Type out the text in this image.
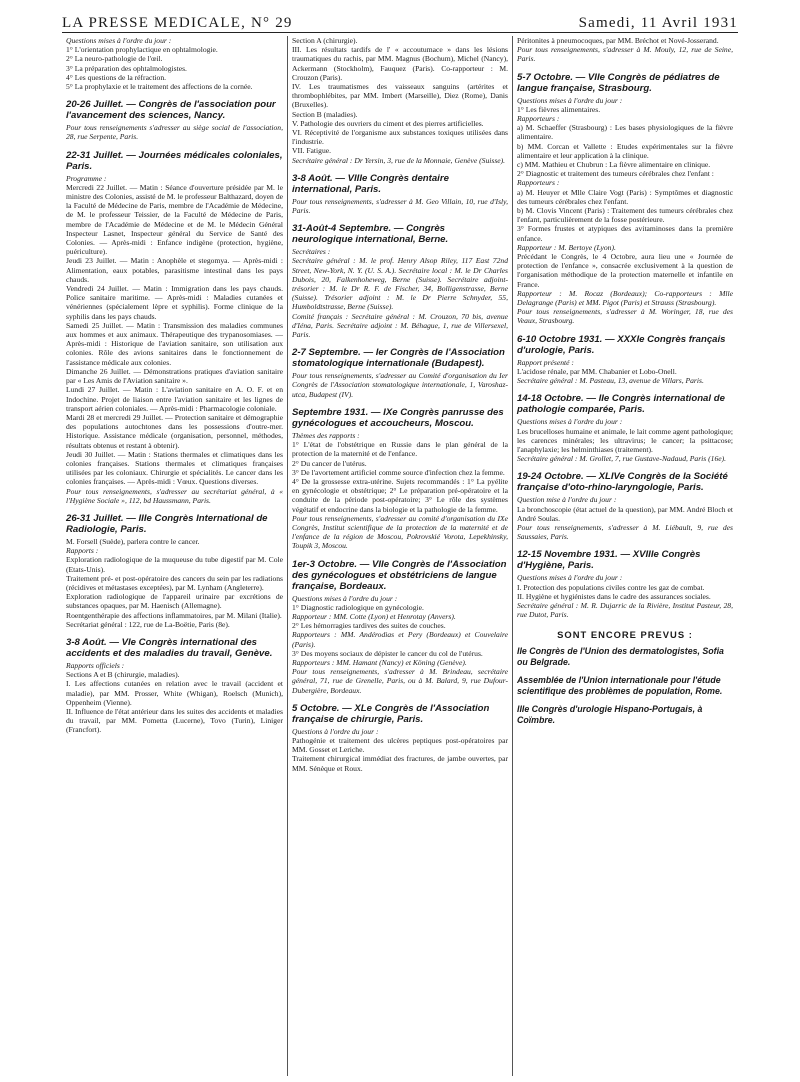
LA PRESSE MEDICALE, N° 29	Samedi, 11 Avril 1931

Questions mises à l'ordre du jour :

1° L'orientation prophylactique en ophtalmologie.

2° La neuro-pathologie de l'œil.

3° La préparation des ophtalmologistes.

4° Les questions de la réfraction.

5° La prophylaxie et le traitement des affections de la cornée.

20-26 Juillet. — Congrès de l'association pour l'avancement des sciences, Nancy.

Pour tous renseignements s'adresser au siège social de l'association, 28, rue Serpente, Paris.

22-31 Juillet. — Journées médicales coloniales, Paris.

Programme :

Mercredi 22 Juillet. — Matin : Séance d'ouverture présidée par M. le ministre des Colonies, assisté de M. le professeur Balthazard, doyen de la Faculté de Médecine de Paris, membre de l'Académie de Médecine, de M. le professeur Teissier, de la Faculté de Médecine de Paris, membre de l'Académie de Médecine et de M. le Médecin Général Inspecteur Lasnet, Inspecteur général du Service de Santé des Colonies. — Après-midi : Enfance indigène (protection, hygiène, puériculture).

Jeudi 23 Juillet. — Matin : Anophèle et stegomya. — Après-midi : Alimentation, eaux potables, parasitisme intestinal dans les pays chauds.

Vendredi 24 Juillet. — Matin : Immigration dans les pays chauds. Police sanitaire maritime. — Après-midi : Maladies cutanées et vénériennes (spécialement lèpre et syphilis). Forme clinique de la syphilis dans les pays chauds.

Samedi 25 Juillet. — Matin : Transmission des maladies communes aux hommes et aux animaux. Thérapeutique des trypanosomiases. — Après-midi : Historique de l'aviation sanitaire, son utilisation aux colonies. Rôle des avions sanitaires dans le fonctionnement de l'assistance médicale aux colonies.

Dimanche 26 Juillet. — Démonstrations pratiques d'aviation sanitaire par « Les Amis de l'Aviation sanitaire ».

Lundi 27 Juillet. — Matin : L'aviation sanitaire en A. O. F. et en Indochine. Projet de liaison entre l'aviation sanitaire et les lignes de transport aérien coloniales. — Après-midi : Pharmacologie coloniale.

Mardi 28 et mercredi 29 Juillet. — Protection sanitaire et démographie des populations autochtones dans les possessions d'outre-mer. Historique. Assistance médicale (organisation, personnel, méthodes, résultats obtenus et restant à obtenir).

Jeudi 30 Juillet. — Matin : Stations thermales et climatiques dans les colonies françaises. Stations thermales et climatiques françaises utilisées par les coloniaux. Chirurgie et spécialités. Le cancer dans les colonies françaises. — Après-midi : Vœux. Questions diverses.

Pour tous renseignements, s'adresser au secrétariat général, à « l'Hygiène Sociale », 112, bd Haussmann, Paris.

26-31 Juillet. — IIIe Congrès International de Radiologie, Paris.

M. Forsell (Suède), parlera contre le cancer.

Rapports :

Exploration radiologique de la muqueuse du tube digestif par M. Cole (Etats-Unis).

Traitement pré- et post-opératoire des cancers du sein par les radiations (récidives et métastases exceptées), par M. Lynham (Angleterre).

Exploration radiologique de l'appareil urinaire par excrétions de substances opaques, par M. Haenisch (Allemagne).

Roentgenthérapie des affections inflammatoires, par M. Milani (Italie).

Secrétariat général : 122, rue de La-Boëtie, Paris (8e).

3-8 Août. — VIe Congrès international des accidents et des maladies du travail, Genève.

Rapports officiels :

Sections A et B (chirurgie, maladies).

I. Les affections cutanées en relation avec le travail (accident et maladie), par MM. Prosser, White (Whigan), Roelsch (Munich), Oppenheim (Vienne).

II. Influence de l'état antérieur dans les suites des accidents et maladies du travail, par MM. Pometta (Lucerne), Tovo (Turin), Liniger (Francfort).

Section A (chirurgie).

III. Les résultats tardifs de l' « accoutumace » dans les lésions traumatiques du rachis, par MM. Magnus (Bochum), Michel (Nancy), Ackermann (Stockholm), Fauquez (Paris). Co-rapporteur : M. Crouzon (Paris).

IV. Les traumatismes des vaisseaux sanguins (artérites et thrombophlébites, par MM. Imbert (Marseille), Diez (Rome), Danis (Bruxelles).

Section B (maladies).

V. Pathologie des ouvriers du ciment et des pierres artificielles.

VI. Réceptivité de l'organisme aux substances toxiques utilisées dans l'industrie.

VII. Fatigue.

Secrétaire général : Dr Yersin, 3, rue de la Monnaie, Genève (Suisse).

3-8 Août. — VIIIe Congrès dentaire international, Paris.

Pour tous renseignements, s'adresser à M. Geo Villain, 10, rue d'Isly, Paris.

31-Août-4 Septembre. — Congrès neurologique international, Berne.

Secrétaires :

Secrétaire général : M. le prof. Henry Alsop Riley, 117 East 72nd Street, New-York, N. Y. (U. S. A.). Secrétaire local : M. le Dr Charles Dubois, 20, Falkenhoheweg, Berne (Suisse). Secrétaire adjoint-trésorier : M. le Dr R. F. de Fischer, 34, Bolligenstrasse, Berne (Suisse). Trésorier adjoint : M. le Dr Pierre Schnyder, 55, Humboldtstrasse, Berne (Suisse).

Comité français : Secrétaire général : M. Crouzon, 70 bis, avenue d'Iéna, Paris. Secrétaire adjoint : M. Béhague, 1, rue de Villersexel, Paris.

2-7 Septembre. — Ier Congrès de l'Association stomatologique internationale (Budapest).

Pour tous renseignements, s'adresser au Comité d'organisation du Ier Congrès de l'Association stomatologique internationale, 1, Varoshaz-utca, Budapest (IV).

Septembre 1931. — IXe Congrès panrusse des gynécologues et accoucheurs, Moscou.

Thèmes des rapports :

1° L'état de l'obstétrique en Russie dans le plan général de la protection de la maternité et de l'enfance.

2° Du cancer de l'utérus.

3° De l'avortement artificiel comme source d'infection chez la femme.

4° De la grossesse extra-utérine. Sujets recommandés : 1° La pyélite en gynécologie et obstétrique; 2° Le préparation pré-opératoire et la conduite de la période post-opératoire; 3° Le rôle des systèmes végétatif et endocrine dans la biologie et la pathologie de la femme.

Pour tous renseignements, s'adresser au comité d'organisation du IXe Congrès, Institut scientifique de la protection de la maternité et de l'enfance de la région de Moscou, Pokrovskié Vorota, Lepekhinsky, Toupik 3, Moscou.

1er-3 Octobre. — VIIe Congrès de l'Association des gynécologues et obstétriciens de langue française, Bordeaux.

Questions mises à l'ordre du jour :

1° Diagnostic radiologique en gynécologie.

Rapporteur : MM. Cotte (Lyon) et Henrotay (Anvers).

2° Les hémorragies tardives des suites de couches.

Rapporteurs : MM. Andérodias et Pery (Bordeaux) et Couvelaire (Paris).

3° Des moyens sociaux de dépister le cancer du col de l'utérus.

Rapporteurs : MM. Hamant (Nancy) et Köning (Genève).

Pour tous renseignements, s'adresser à M. Brindeau, secrétaire général, 71, rue de Grenelle, Paris, ou à M. Balard, 9, rue Dufour-Dubergière, Bordeaux.

5 Octobre. — XLe Congrès de l'Association française de chirurgie, Paris.

Questions à l'ordre du jour :

Pathogénie et traitement des ulcères peptiques post-opératoires par MM. Gosset et Leriche.

Traitement chirurgical immédiat des fractures, de jambe ouvertes, par MM. Sénèque et Roux.

Péritonites à pneumocoques, par MM. Bréchot et Nové-Josserand.

Pour tous renseignements, s'adresser à M. Mouly, 12, rue de Seine, Paris.

5-7 Octobre. — VIIe Congrès de pédiatres de langue française, Strasbourg.

Questions mises à l'ordre du jour :

1° Les fièvres alimentaires.

Rapporteurs :

a) M. Schaeffer (Strasbourg) : Les bases physiologiques de la fièvre alimentaire.

b) MM. Corcan et Vallette : Etudes expérimentales sur la fièvre alimentaire et leur application à la clinique.

c) MM. Mathieu et Chubrun : La fièvre alimentaire en clinique.

2° Diagnostic et traitement des tumeurs cérébrales chez l'enfant :

Rapporteurs :

a) M. Heuyer et Mlle Claire Vogt (Paris) : Symptômes et diagnostic des tumeurs cérébrales chez l'enfant.

b) M. Clovis Vincent (Paris) : Traitement des tumeurs cérébrales chez l'enfant, particulièrement de la fosse postérieure.

3° Formes frustes et atypiques des avitaminoses dans la première enfance.

Rapporteur : M. Bertoye (Lyon).

Précédant le Congrès, le 4 Octobre, aura lieu une « Journée de protection de l'enfance », consacrée exclusivement à la question de l'organisation méthodique de la protection maternelle et infantile en France.

Rapporteur : M. Rocaz (Bordeaux); Co-rapporteurs : Mlle Delagrange (Paris) et MM. Pigot (Paris) et Strauss (Strasbourg).

Pour tous renseignements, s'adresser à M. Woringer, 18, rue des Veaux, Strasbourg.

6-10 Octobre 1931. — XXXIe Congrès français d'urologie, Paris.

Rapport présenté :

L'acidose rénale, par MM. Chabanier et Lobo-Onell.

Secrétaire général : M. Pasteau, 13, avenue de Villars, Paris.

14-18 Octobre. — IIe Congrès international de pathologie comparée, Paris.

Questions mises à l'ordre du jour :

Les brucelloses humaine et animale, le lait comme agent pathologique; les carences minérales; les ultravirus; le cancer; la psittacose; l'anaphylaxie; les helminthiases (traitement).

Secrétaire général : M. Grollet, 7, rue Gustave-Nadaud, Paris (16e).

19-24 Octobre. — XLIVe Congrès de la Société française d'oto-rhino-laryngologie, Paris.

Question mise à l'ordre du jour :

La bronchoscopie (état actuel de la question), par MM. André Bloch et André Soulas.

Pour tous renseignements, s'adresser à M. Liébault, 9, rue des Saussaies, Paris.

12-15 Novembre 1931. — XVIIIe Congrès d'Hygiène, Paris.

Questions mises à l'ordre du jour :

I. Protection des populations civiles contre les gaz de combat.

II. Hygiène et hygiénistes dans le cadre des assurances sociales.

Secrétaire général : M. R. Dujarric de la Rivière, Institut Pasteur, 28, rue Dutot, Paris.

SONT ENCORE PREVUS :

IIe Congrès de l'Union des dermatologistes, Sofia ou Belgrade.

Assemblée de l'Union internationale pour l'étude scientifique des problèmes de population, Rome.

IIIe Congrès d'urologie Hispano-Portugais, à Coïmbre.
